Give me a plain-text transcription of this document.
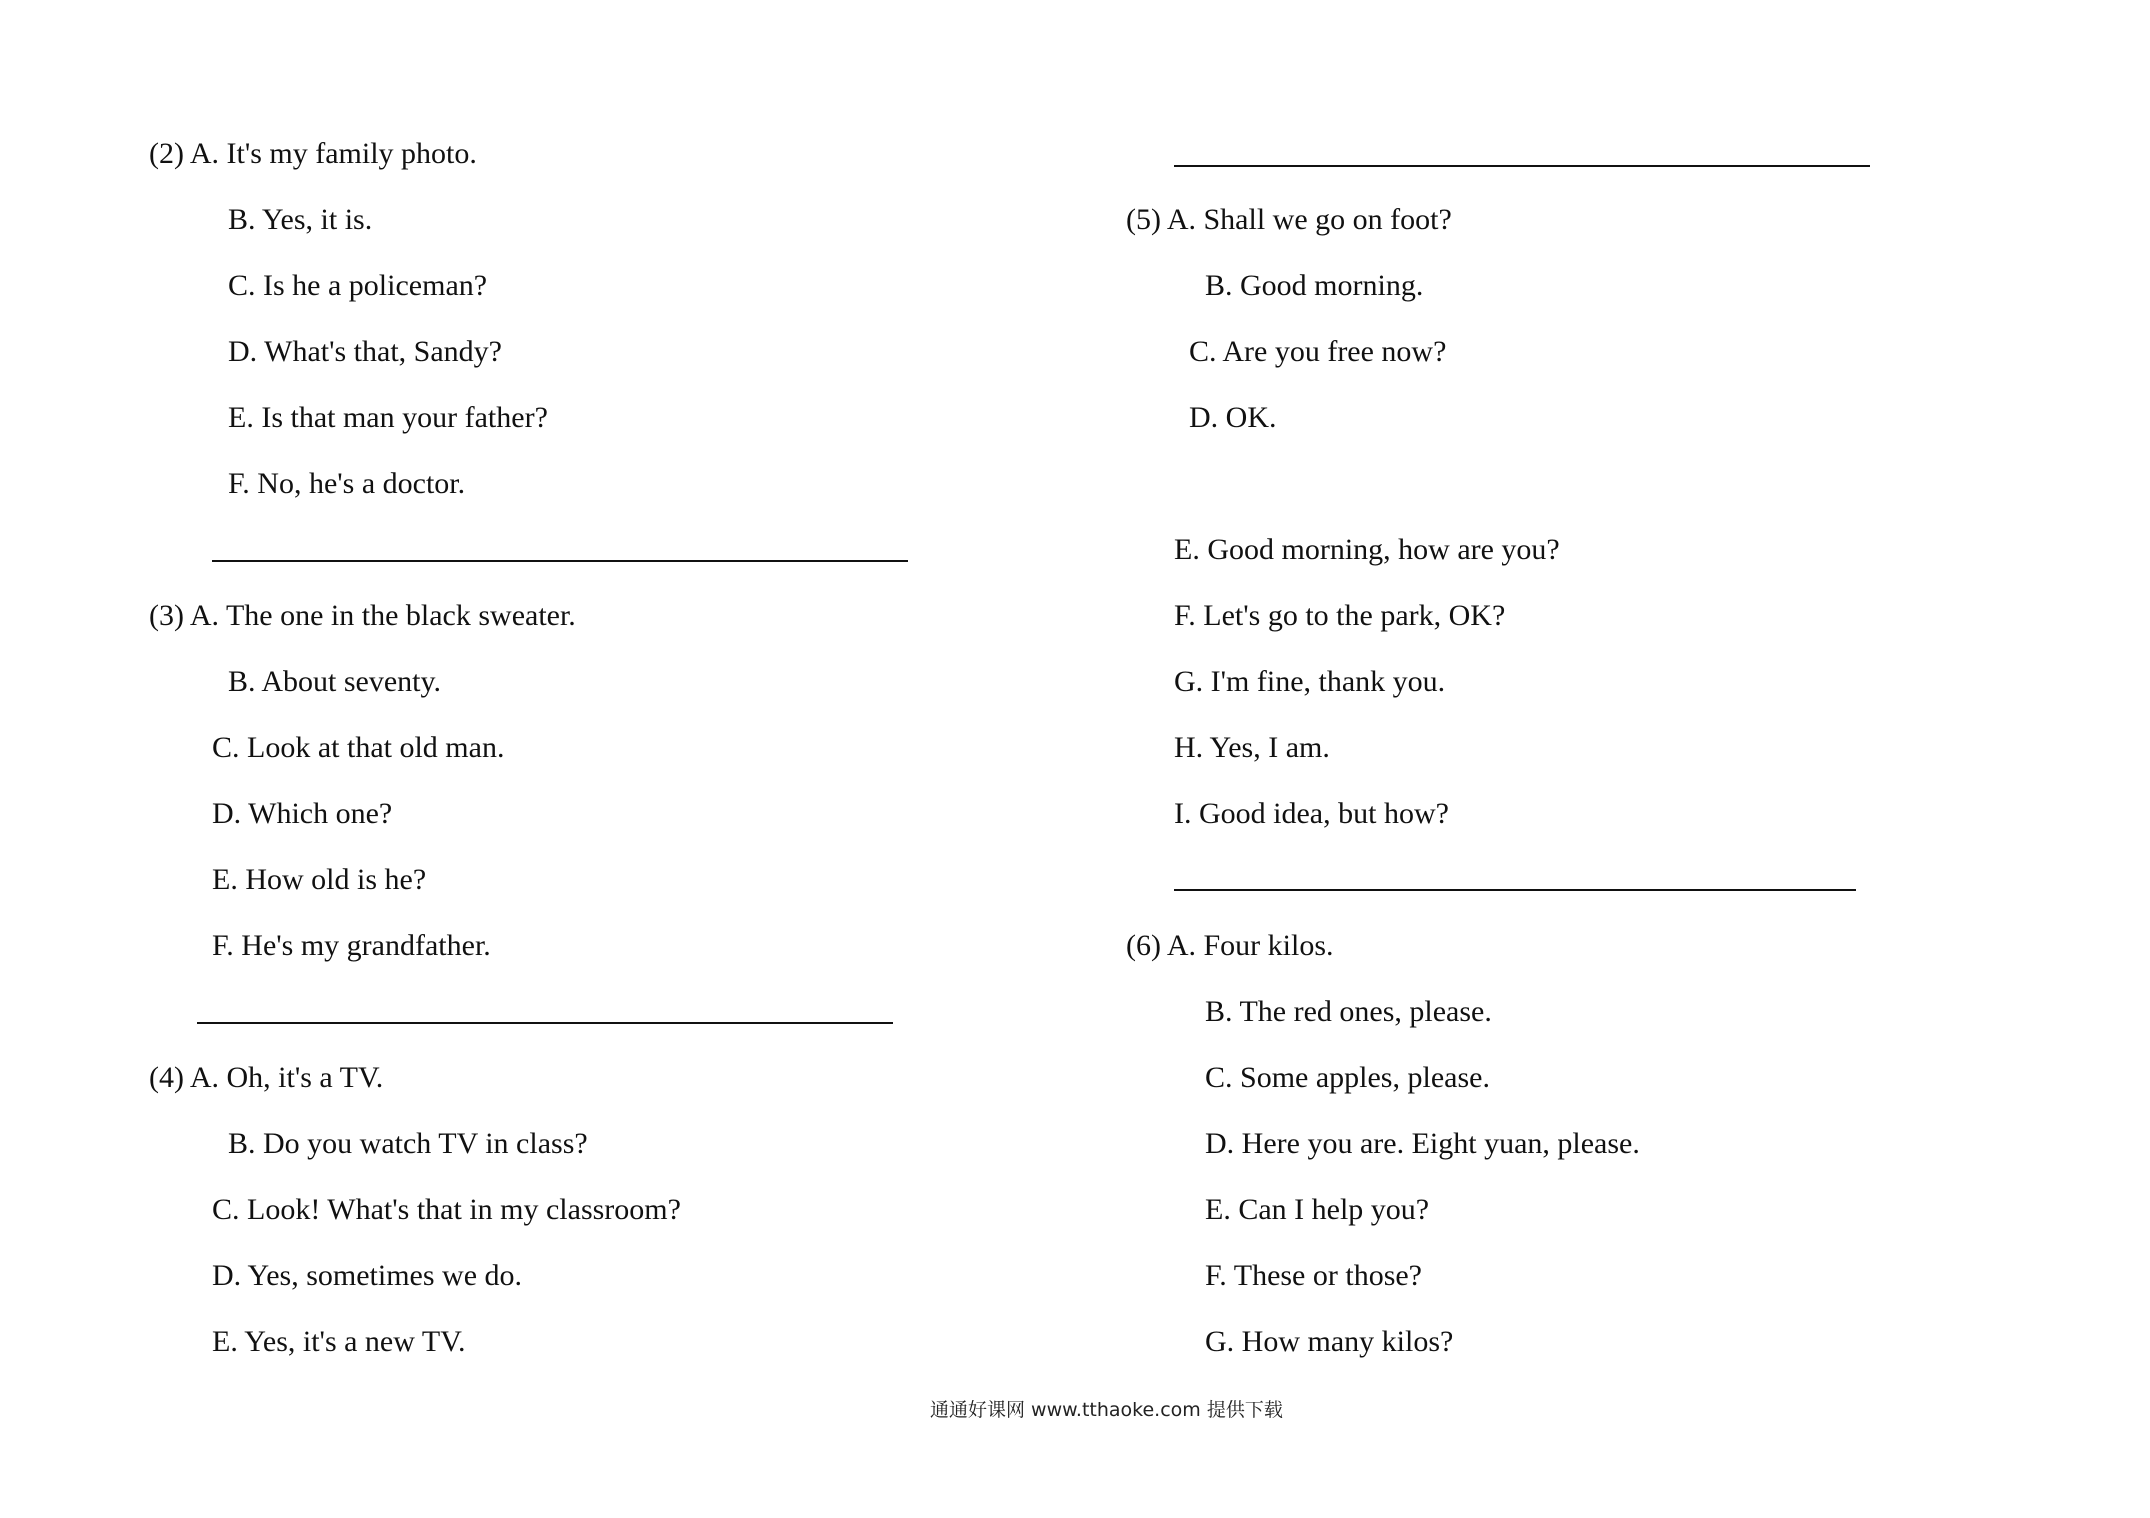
(2) A. It's my family photo.
B. Yes, it is.
C. Is he a policeman?
D. What's that, Sandy?
E. Is that man your father?
F. No, he's a doctor.
(3) A. The one in the black sweater.
B. About seventy.
C. Look at that old man.
D. Which one?
E. How old is he?
F. He's my grandfather.
(4) A. Oh, it's a TV.
B. Do you watch TV in class?
C. Look! What's that in my classroom?
D. Yes, sometimes we do.
E. Yes, it's a new TV.
(5) A. Shall we go on foot?
B. Good morning.
C. Are you free now?
D. OK.
E. Good morning, how are you?
F. Let's go to the park, OK?
G. I'm fine, thank you.
H. Yes, I am.
I. Good idea, but how?
(6) A. Four kilos.
B. The red ones, please.
C. Some apples, please.
D. Here you are. Eight yuan, please.
E. Can I help you?
F. These or those?
G. How many kilos?
通通好课网 www.tthaoke.com 提供下载
